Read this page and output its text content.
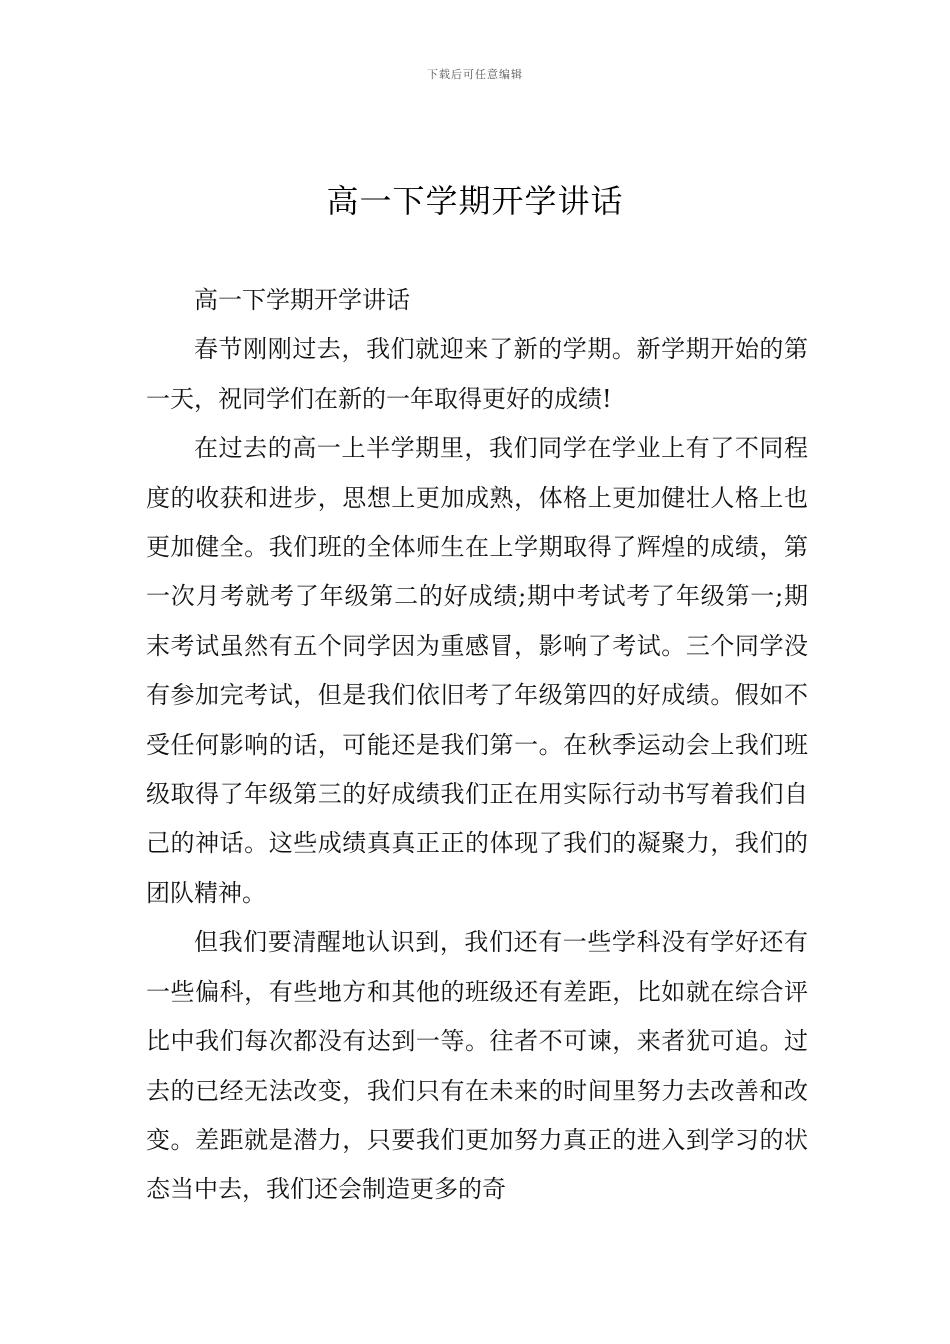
下载后可任意编辑
高一下学期开学讲话

高一下学期开学讲话

春节刚刚过去，我们就迎来了新的学期。新学期开始的第一天，祝同学们在新的一年取得更好的成绩!

在过去的高一上半学期里，我们同学在学业上有了不同程度的收获和进步，思想上更加成熟，体格上更加健壮人格上也更加健全。我们班的全体师生在上学期取得了辉煌的成绩，第一次月考就考了年级第二的好成绩;期中考试考了年级第一;期末考试虽然有五个同学因为重感冒，影响了考试。三个同学没有参加完考试，但是我们依旧考了年级第四的好成绩。假如不受任何影响的话，可能还是我们第一。在秋季运动会上我们班级取得了年级第三的好成绩我们正在用实际行动书写着我们自己的神话。这些成绩真真正正的体现了我们的凝聚力，我们的团队精神。

但我们要清醒地认识到，我们还有一些学科没有学好还有一些偏科，有些地方和其他的班级还有差距，比如就在综合评比中我们每次都没有达到一等。往者不可谏，来者犹可追。过去的已经无法改变，我们只有在未来的时间里努力去改善和改变。差距就是潜力，只要我们更加努力真正的进入到学习的状态当中去，我们还会制造更多的奇
